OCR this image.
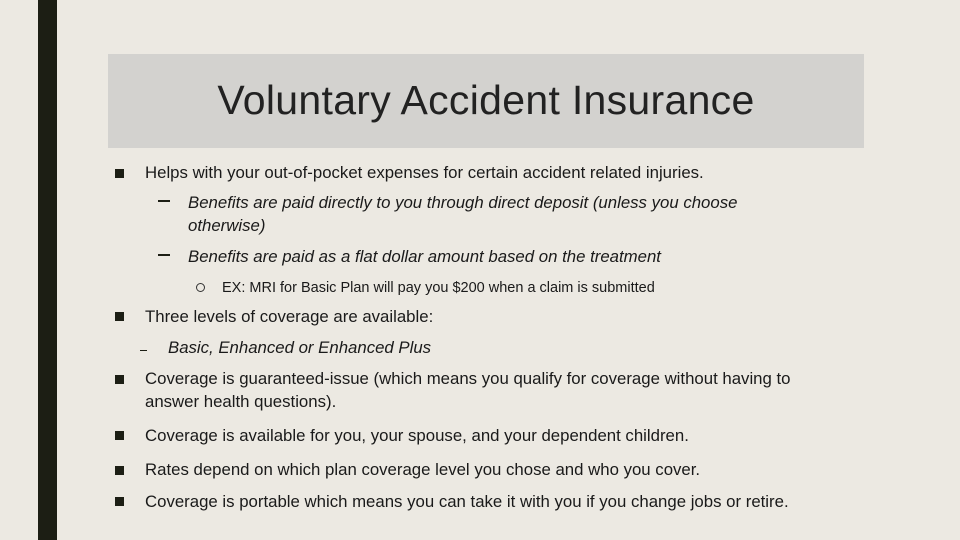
Voluntary Accident Insurance
Helps with your out-of-pocket expenses for certain accident related injuries.
Benefits are paid directly to you through direct deposit (unless you choose
otherwise)
Benefits are paid as a flat dollar amount based on the treatment
EX: MRI for Basic Plan will pay you $200 when a claim is submitted
Three levels of coverage are available:
Basic, Enhanced or Enhanced Plus
Coverage is guaranteed-issue (which means you qualify for coverage without having to
answer health questions).
Coverage is available for you, your spouse, and your dependent children.
Rates depend on which plan coverage level you chose and who you cover.
Coverage is portable which means you can take it with you if you change jobs or retire.
